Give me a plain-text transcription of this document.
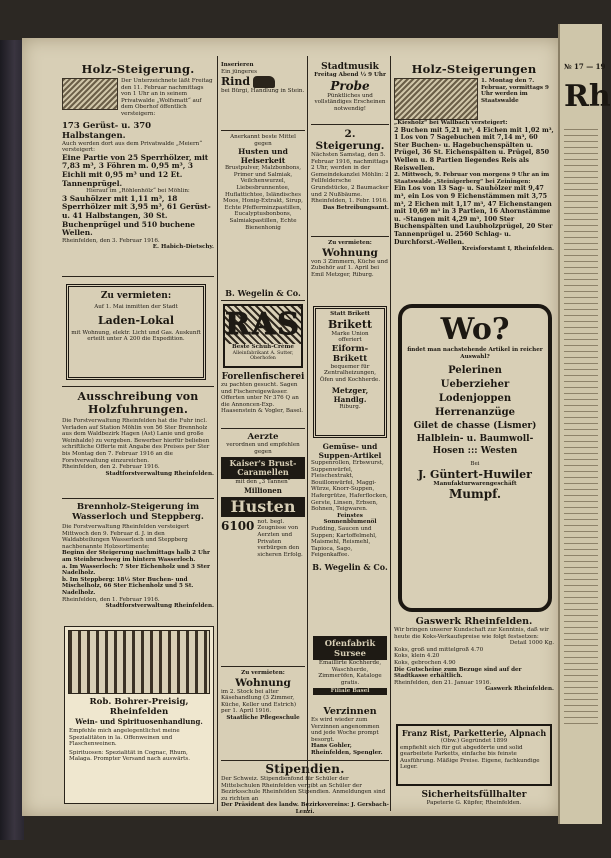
Holz-Steigerung.
Der Unterzeichnete läßt Freitag den 11. Februar nachmittags von 1 Uhr an in seinem Privatwalde „Wolfsmatt“ auf dem Oberhof öffentlich versteigern:
173 Gerüst- u. 370 Halbstangen.
Auch werden dort aus dem Privatwalde „Meiern“ versteigert:
Eine Partie von 25 Sperrhölzer, mit 7,83 m³, 3 Föhren m. 0,95 m³, 3 Eichli mit 0,95 m³ und 12 Et. Tannenprügel.
Hierauf im „Röhlenhölz“ bei Möhlin:
3 Sauhölzer mit 1,11 m³, 18 Sperrhölzer mit 3,95 m³, 61 Gerüst- u. 41 Halbstangen, 30 St. Buchenprügel und 510 buchene Wellen.
Rheinfelden, den 3. Februar 1916.
E. Habich-Dietschy.
Zu vermieten:
Auf 1. Mai inmitten der Stadt
Laden-Lokal
mit Wohnung, elektr. Licht und Gas. Auskunft erteilt unter A 200 die Expedition.
Ausschreibung von Holzfuhrungen.
Die Forstverwaltung Rheinfelden hat die Fuhr incl. Verladen auf Station Möhlin von 56 Ster Brennholz aus dem Waldbezirk Hagen (Ast) Lanie und große Weinhalde) zu vergeben. Bewerber hierfür belieben schriftliche Offerte mit Angabe des Preises per Ster bis Montag den 7. Februar 1916 an die Forstverwaltung einzureichen.
Rheinfelden, den 2. Februar 1916.
Stadtforstverwaltung Rheinfelden.
Brennholz-Steigerung im Wasserloch und Steppberg.
Die Forstverwaltung Rheinfelden versteigert Mittwoch den 9. Februar d. J. in den Waldabteilungen Wasserloch und Steppberg nachbenannte Holzsortimente:
Beginn der Steigerung nachmittags halb 2 Uhr am Steinbruchweg im hintern Wasserloch.
a. Im Wasserloch: 7 Ster Eichenholz und 3 Ster Nadelholz.
b. Im Steppberg: 18½ Ster Buchen- und Mischelholz, 66 Ster Eichenholz und 5 St. Nadelholz.
Rheinfelden, den 1. Februar 1916.
Stadtforstverwaltung Rheinfelden.
Rob. Bohrer-Preisig, Rheinfelden
Wein- und Spirituosenhandlung.
Empfehle mich angelegentlichst meine Spezialitäten in la. Offenweinen und Flaschenweinen.
Spirituosen: Spezialität in Cognac, Rhum, Malaga. Prompter Versand nach auswärts.
Inserieren
Ein jüngeres
Rind
bei Bürgi, Handlung in Stein.
Anerkannt beste Mittel gegen
Husten und Heiserkeit
Brustpulver, Malzbonbons, Primer und Salmiak, Veilchenwurzel, Liebesbrunnentee, Huflattichtee, Isländisches Moos, Honig-Extrakt, Sirup, Echte Pfefferminzpastillen, Eucalyptusbonbons, Salmiakpastillen, Echte Bienenhonig
B. Wegelin & Co.
RAS
Beste Schuh-Crème
Alleinfabrikant A. Sutter, Oberhofen
Forellenfischerei
zu pachten gesucht. Sagen und Fischereigewässer. Offerten unter Nr 376 Q an die Annoncen-Exp. Haasenstein & Vogler, Basel.
Aerzte
verordnen und empfehlen gegen
Kaiser's Brust-Caramellen
mit den „3 Tannen“
Millionen
Husten
6100 not. begl. Zeugnisse von Aerzten und Privaten verbürgen den sicheren Erfolg.
Zu vermieten:
Wohnung
im 2. Stock bei alter Käsehandlung (3 Zimmer, Küche, Keller und Estrich) per 1. April 1916.
Staatliche Pflegeschule
Stadtmusik
Freitag Abend ½ 9 Uhr
Probe
Pünktliches und vollständiges Erscheinen notwendig!
2. Steigerung.
Nächsten Samstag, den 5. Februar 1916, nachmittags 2 Uhr, werden in der Gemeindekanzlei Möhlin: 2 Fellfeldersche Grundstücke, 2 Baumacker und 2 Nußbäume.
Rheinfelden, 1. Febr. 1916.
Das Betreibungsamt.
Zu vermieten:
Wohnung
von 3 Zimmern, Küche und Zubehör auf 1. April bei Emil Metzger, Riburg.
Statt Brikett
Brikett
Marke Union
offeriert
Eiform-Brikett
bequemer für Zentralheizungen, Öfen und Kochherde.
Metzger, Handlg.
Riburg.
Gemüse- und Suppen-Artikel
Suppenrollen, Erbswurst, Suppenwürfel, Fleischextrakt, Bouillonwürfel, Maggi-Würze, Knorr-Suppen, Hafergrütze, Haferflocken, Gerste, Linsen, Erbsen, Bohnen, Teigwaren.
Feinstes Sonnenblumenöl
Pudding, Saucen und Suppen; Kartoffelmehl, Maismehl, Reismehl, Tapioca, Sago, Feigenkaffee.
B. Wegelin & Co.
Ofenfabrik Sursee
Emaillirte Kochherde, Waschherde, Zimmeröfen, Kataloge gratis.
Filiale Basel
Verzinnen
Es wird wieder zum Verzinnen angenommen und jede Woche prompt besorgt.
Hans Gohler, Rheinfelden, Spengler.
Stipendien.
Der Schweiz. Stipendienfond für Schüler der Mittelschulen Rheinfelden vergibt an Schüler der Bezirksschule Rheinfelden Stipendien. Anmeldungen sind zu richten an
Der Präsident des landw. Bezirksvereins: J. Gersbach-Lenzi.
Holz-Steigerungen
1. Montag den 7. Februar, vormittags 9 Uhr werden im Staatswalde
„Kiesholz“ bei Wallbach versteigert:
2 Buchen mit 5,21 m³, 4 Eichen mit 1,02 m³, 1 Los von 7 Sagebuchen mit 7,14 m³, 60 Ster Buchen- u. Hagebuchenspälten u. Prügel, 36 St. Eichenspälten u. Prügel, 850 Wellen u. 8 Partien liegendes Reis als Reiswellen.
2. Mittwoch, 9. Februar von morgens 9 Uhr an im Staatswalde „Steinigerberg“ bei Zeiningen:
Ein Los von 13 Sag- u. Sauhölzer mit 9,47 m³, ein Los von 9 Eichenstämmen mit 3,75 m³, 2 Eichen mit 1,17 m³, 47 Eichenstangen mit 10,69 m³ in 3 Partien, 16 Ahornstämme u. -Stangen mit 4,29 m³, 100 Ster Buchenspälten und Laubholzprügel, 20 Ster Tannenprügel u. 2560 Schlag- u. Durchforst.-Wellen.
Kreisforstamt I, Rheinfelden.
Wo?
findet man nachstehende Artikel in reicher Auswahl?
Pelerinen
Ueberzieher
Lodenjoppen
Herrenanzüge
Gilet de chasse (Lismer)
Halblein- u. Baumwoll-Hosen ::: Westen
Bei
J. Güntert-Huwiler
Manufakturwarengeschäft
Mumpf.
Gaswerk Rheinfelden.
Wir bringen unserer Kundschaft zur Kenntnis, daß wir heute die Koks-Verkaufspreise wie folgt festsetzen:
Detail 1000 Kg.
Koks, groß und mittelgroß 4.70
Koks, klein 4.20
Koks, gebrochen 4.90
Die Gutscheine zum Bezuge sind auf der Stadtkasse erhältlich.
Rheinfelden, den 21. Januar 1916.
Gaswerk Rheinfelden.
Franz Rist, Parketterie, Alpnach
(Obw.) Gegründet 1899
empfiehlt sich für gut abgedörrte und solid gearbeitete Parketts, einfache bis feinste Ausführung. Mäßige Preise. Eigene, fachkundige Leger.
Sicherheitsfüllhalter
Papeterie G. Küpfer, Rheinfelden.
№ 17 — 19
Rh
